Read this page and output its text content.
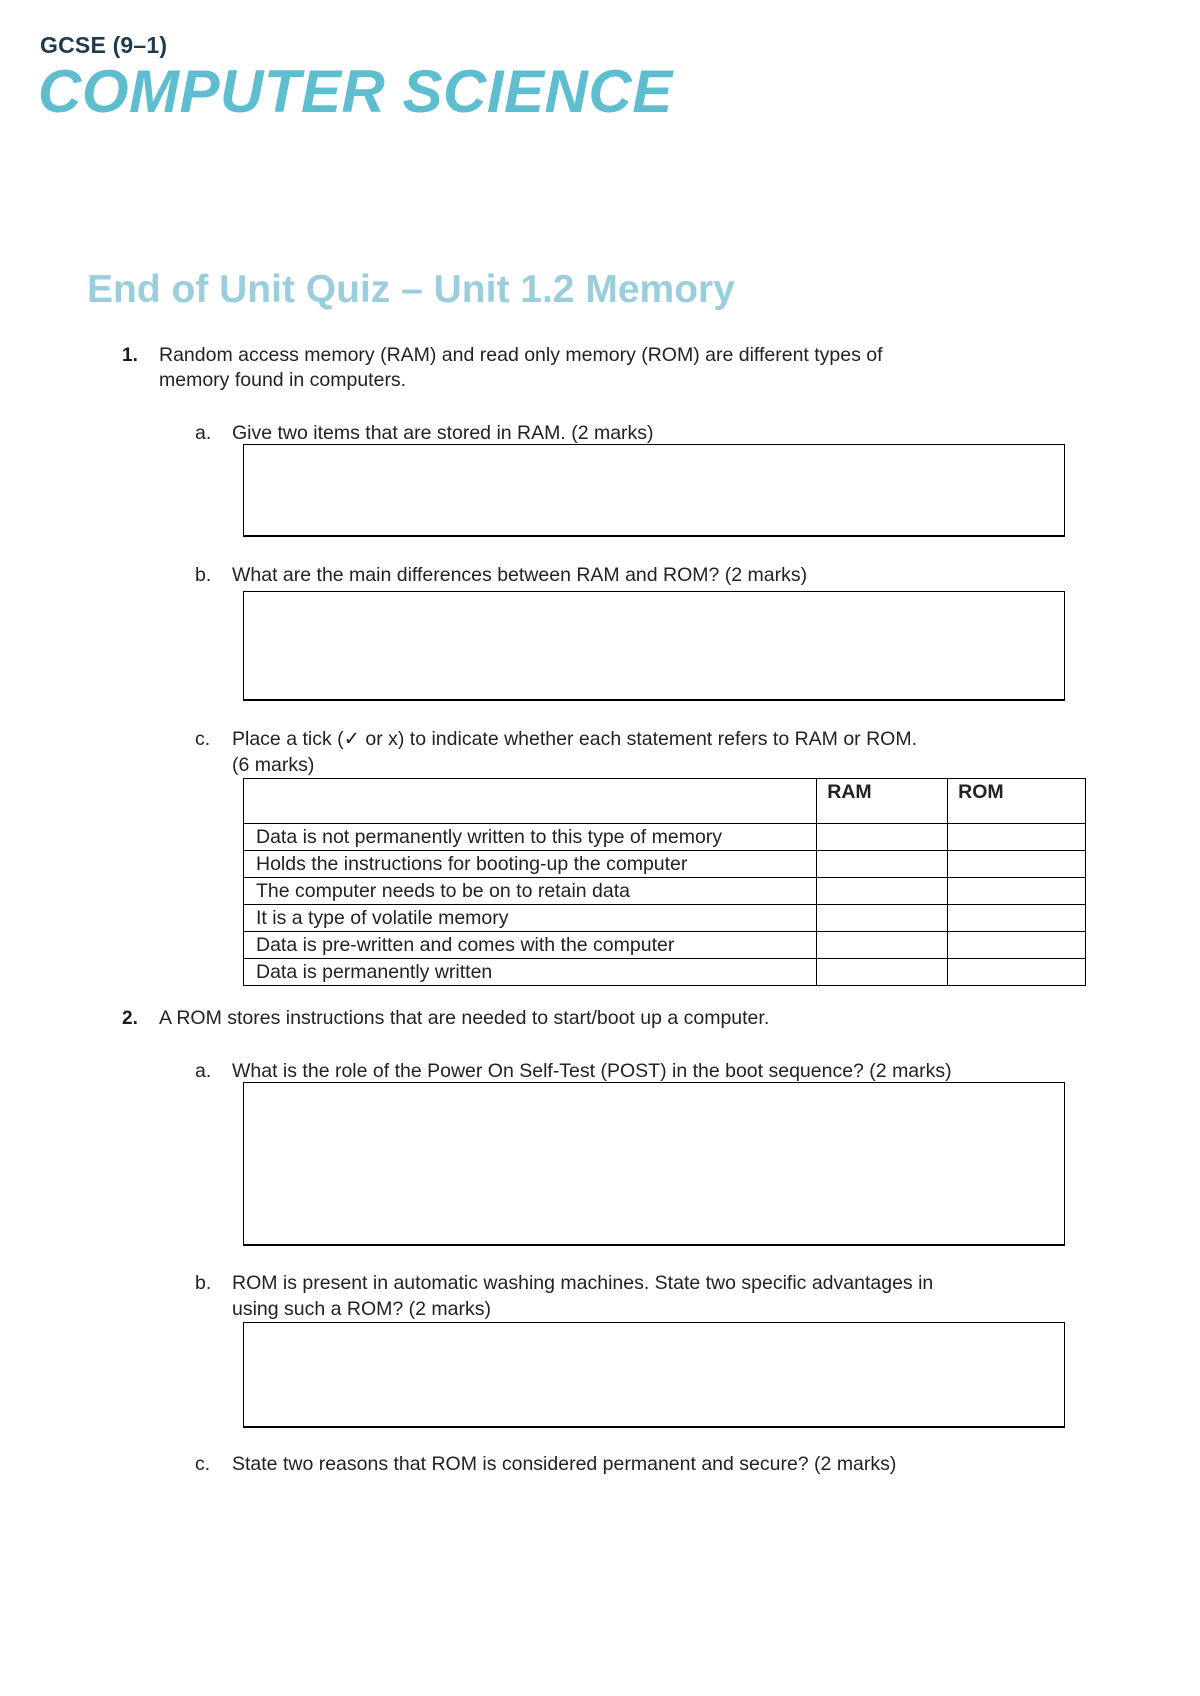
GCSE (9–1)
COMPUTER SCIENCE
End of Unit Quiz – Unit 1.2 Memory
1. Random access memory (RAM) and read only memory (ROM) are different types of
memory found in computers.
a. Give two items that are stored in RAM. (2 marks)
b. What are the main differences between RAM and ROM? (2 marks)
c. Place a tick (✓ or x) to indicate whether each statement refers to RAM or ROM.
(6 marks)
	RAM	ROM
Data is not permanently written to this type of memory		
Holds the instructions for booting-up the computer		
The computer needs to be on to retain data		
It is a type of volatile memory		
Data is pre-written and comes with the computer		
Data is permanently written		
2. A ROM stores instructions that are needed to start/boot up a computer.
a. What is the role of the Power On Self-Test (POST) in the boot sequence? (2 marks)
b. ROM is present in automatic washing machines. State two specific advantages in
using such a ROM? (2 marks)
c. State two reasons that ROM is considered permanent and secure? (2 marks)
